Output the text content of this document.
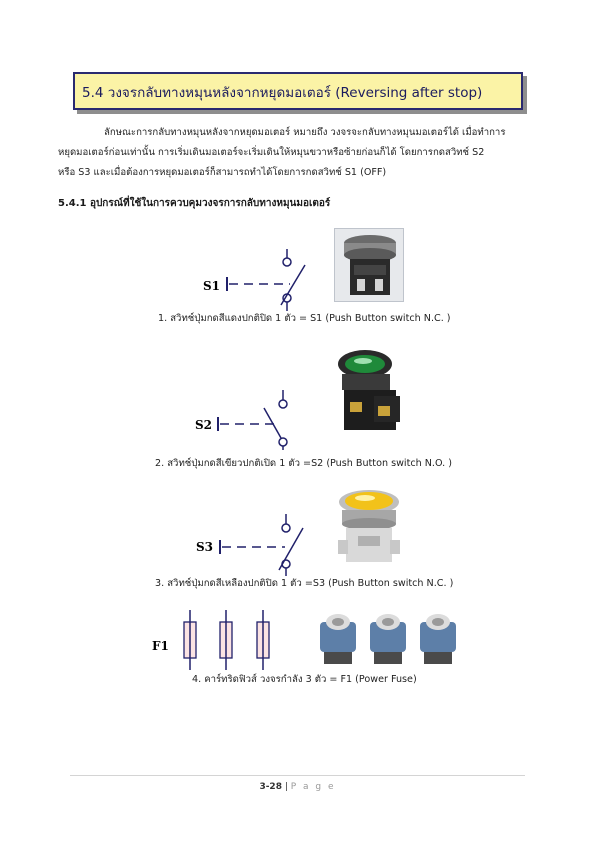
5.4 วงจรกลับทางหมุนหลังจากหยุดมอเตอร์ (Reversing after stop)
ลักษณะการกลับทางหมุนหลังจากหยุดมอเตอร์ หมายถึง วงจรจะกลับทางหมุนมอเตอร์ได้ เมื่อทำการ
หยุดมอเตอร์ก่อนเท่านั้น การเริ่มเดินมอเตอร์จะเริ่มเดินให้หมุนขวาหรือซ้ายก่อนก็ได้ โดยการกดสวิทช์ S2
หรือ S3 และเมื่อต้องการหยุดมอเตอร์ก็สามารถทำได้โดยการกดสวิทช์ S1 (OFF)
5.4.1 อุปกรณ์ที่ใช้ในการควบคุมวงจรการกลับทางหมุนมอเตอร์
S1
1. สวิทช์ปุ่มกดสีแดงปกติปิด 1 ตัว = S1 (Push Button switch N.C. )
S2
2. สวิทช์ปุ่มกดสีเขียวปกติเปิด 1 ตัว =S2 (Push Button switch N.O. )
S3
3. สวิทช์ปุ่มกดสีเหลืองปกติปิด 1 ตัว =S3 (Push Button switch N.C. )
F1
4. คาร์ทริดฟิวส์ วงจรกำลัง 3 ตัว = F1 (Power Fuse)
3-28 | P a g e
